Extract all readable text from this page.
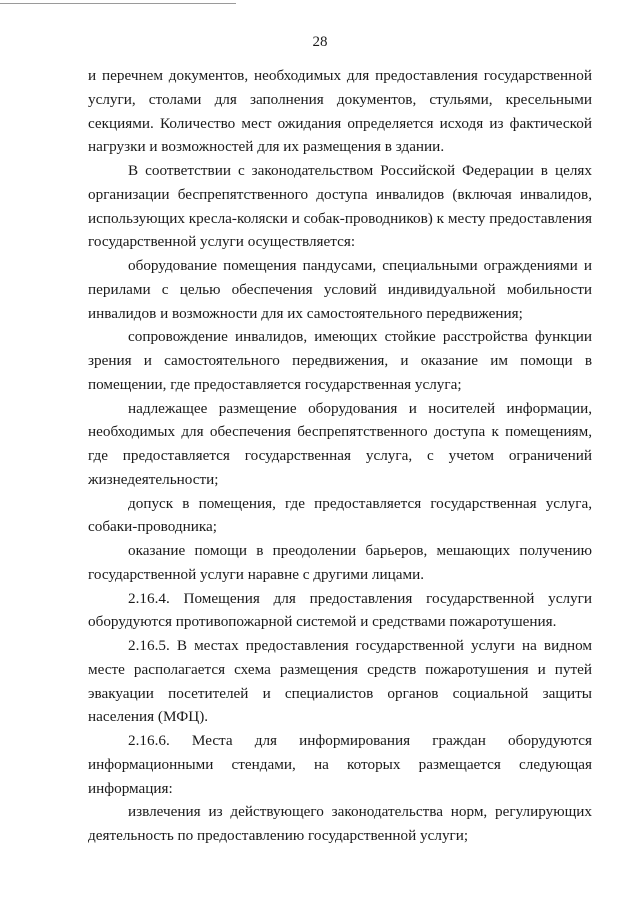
28

и перечнем документов, необходимых для предоставления государственной услуги, столами для заполнения документов, стульями, кресельными секциями. Количество мест ожидания определяется исходя из фактической нагрузки и возможностей для их размещения в здании.

В соответствии с законодательством Российской Федерации в целях организации беспрепятственного доступа инвалидов (включая инвалидов, использующих кресла-коляски и собак-проводников) к месту предоставления государственной услуги осуществляется:

оборудование помещения пандусами, специальными ограждениями и перилами с целью обеспечения условий индивидуальной мобильности инвалидов и возможности для их самостоятельного передвижения;

сопровождение инвалидов, имеющих стойкие расстройства функции зрения и самостоятельного передвижения, и оказание им помощи в помещении, где предоставляется государственная услуга;

надлежащее размещение оборудования и носителей информации, необходимых для обеспечения беспрепятственного доступа к помещениям, где предоставляется государственная услуга, с учетом ограничений жизнедеятельности;

допуск в помещения, где предоставляется государственная услуга, собаки-проводника;

оказание помощи в преодолении барьеров, мешающих получению государственной услуги наравне с другими лицами.

2.16.4. Помещения для предоставления государственной услуги оборудуются противопожарной системой и средствами пожаротушения.

2.16.5. В местах предоставления государственной услуги на видном месте располагается схема размещения средств пожаротушения и путей эвакуации посетителей и специалистов органов социальной защиты населения (МФЦ).

2.16.6. Места для информирования граждан оборудуются информационными стендами, на которых размещается следующая информация:

извлечения из действующего законодательства норм, регулирующих деятельность по предоставлению государственной услуги;
